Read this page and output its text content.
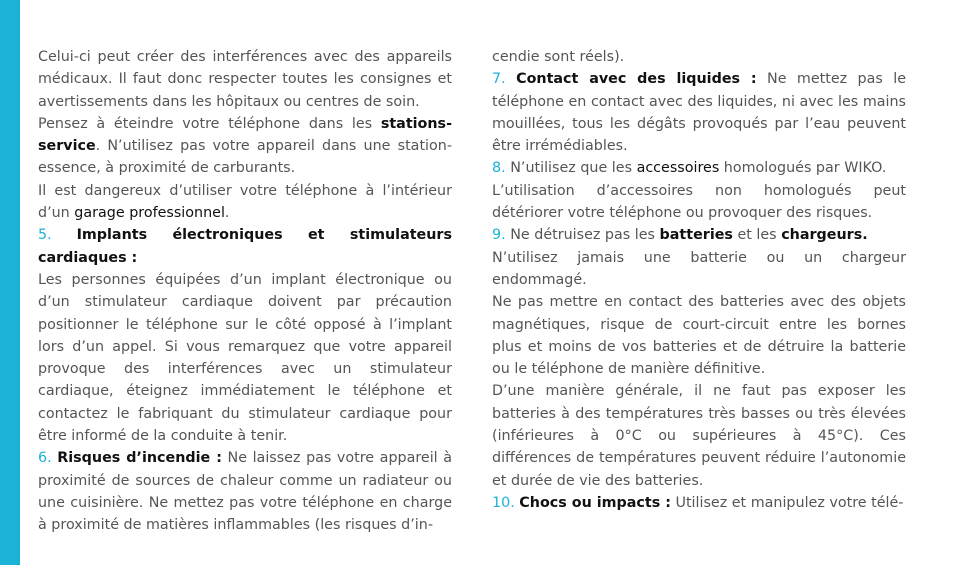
Celui-ci peut créer des interférences avec des appareils médicaux. Il faut donc respecter toutes les consignes et avertissements dans les hôpitaux ou centres de soin.

Pensez à éteindre votre téléphone dans les stations-service. N’utilisez pas votre appareil dans une station-essence, à proximité de carburants.

Il est dangereux d’utiliser votre téléphone à l’intérieur d’un garage professionnel.

5. Implants électroniques et stimulateurs cardiaques :

Les personnes équipées d’un implant électronique ou d’un stimulateur cardiaque doivent par précaution positionner le téléphone sur le côté opposé à l’implant lors d’un appel. Si vous remarquez que votre appareil provoque des interférences avec un stimulateur cardiaque, éteignez immédiatement le téléphone et contactez le fabriquant du stimulateur cardiaque pour être informé de la conduite à tenir.

6. Risques d’incendie : Ne laissez pas votre appareil à proximité de sources de chaleur comme un radiateur ou une cuisinière. Ne mettez pas votre téléphone en charge à proximité de matières inflammables (les risques d’in-

cendie sont réels).

7. Contact avec des liquides : Ne mettez pas le téléphone en contact avec des liquides, ni avec les mains mouillées, tous les dégâts provoqués par l’eau peuvent être irrémédiables.

8. N’utilisez que les accessoires homologués par WIKO.

L’utilisation d’accessoires non homologués peut détériorer votre téléphone ou provoquer des risques.

9. Ne détruisez pas les batteries et les chargeurs.

N’utilisez jamais une batterie ou un chargeur endommagé.

Ne pas mettre en contact des batteries avec des objets magnétiques, risque de court-circuit entre les bornes plus et moins de vos batteries et de détruire la batterie ou le téléphone de manière définitive.

D’une manière générale, il ne faut pas exposer les batteries à des températures très basses ou très élevées (inférieures à 0°C ou supérieures à 45°C). Ces différences de températures peuvent réduire l’autonomie et durée de vie des batteries.

10. Chocs ou impacts : Utilisez et manipulez votre télé-
